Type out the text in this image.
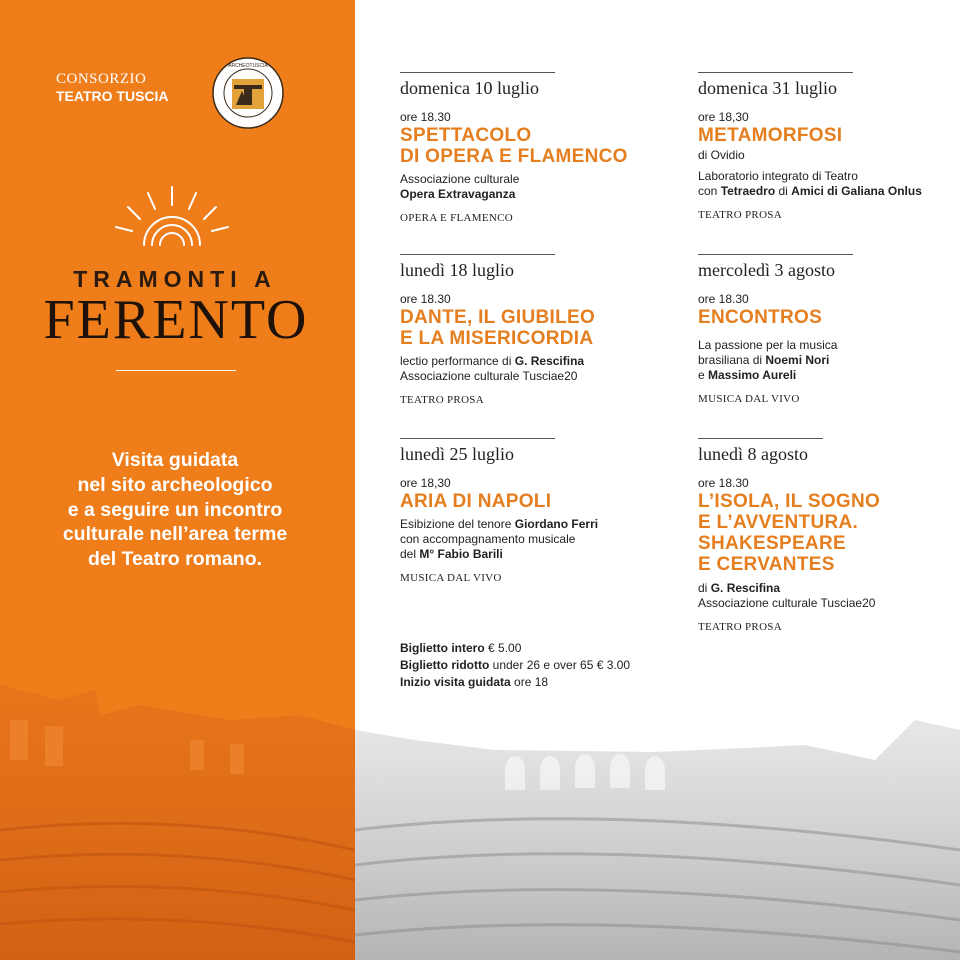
CONSORZIO
TEATRO TUSCIA
ARCHEOTUSCIA
TRAMONTI A
FERENTO
Visita guidata
nel sito archeologico
e a seguire un incontro
culturale nell’area terme
del Teatro romano.
domenica 10 luglio
ore 18.30
SPETTACOLO
DI OPERA E FLAMENCO
Associazione culturale
Opera Extravaganza
OPERA E FLAMENCO
lunedì 18 luglio
ore 18.30
DANTE, IL GIUBILEO
E LA MISERICORDIA
lectio performance di G. Rescifina
Associazione culturale Tusciae20
TEATRO PROSA
lunedì 25 luglio
ore 18,30
ARIA DI NAPOLI
Esibizione del tenore Giordano Ferri
con accompagnamento musicale
del M° Fabio Barili
MUSICA DAL VIVO
domenica 31 luglio
ore 18,30
METAMORFOSI
di Ovidio
Laboratorio integrato di Teatro
con Tetraedro di Amici di Galiana Onlus
TEATRO PROSA
mercoledì 3 agosto
ore 18.30
ENCONTROS
La passione per la musica
brasiliana di Noemi Nori
e Massimo Aureli
MUSICA DAL VIVO
lunedì 8 agosto
ore 18.30
L’ISOLA, IL SOGNO
E L’AVVENTURA.
SHAKESPEARE
E CERVANTES
di G. Rescifina
Associazione culturale Tusciae20
TEATRO PROSA
Biglietto intero € 5.00
Biglietto ridotto under 26 e over 65 € 3.00
Inizio visita guidata ore 18
